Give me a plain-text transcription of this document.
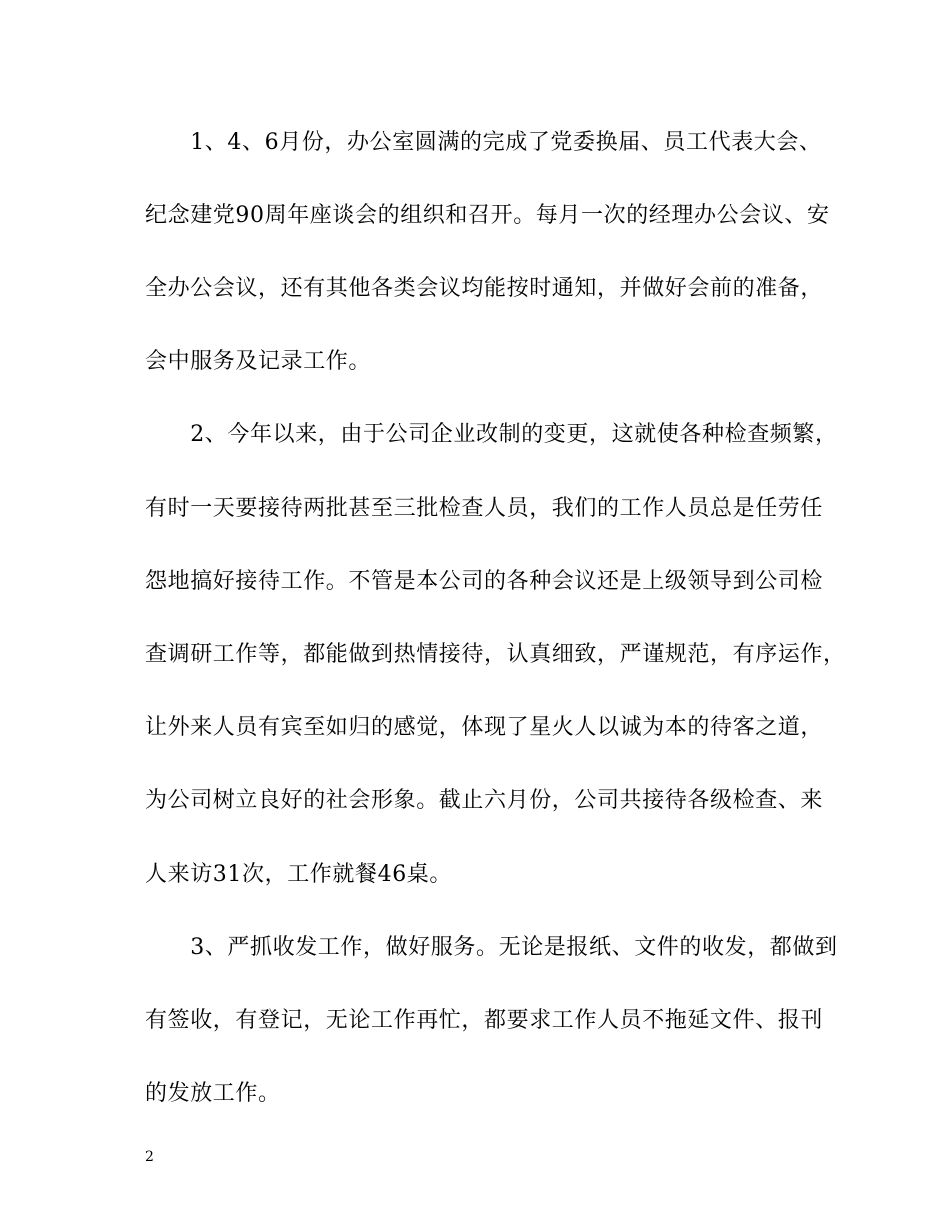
　　1、4、6月份，办公室圆满的完成了党委换届、员工代表大会、
纪念建党90周年座谈会的组织和召开。每月一次的经理办公会议、安
全办公会议，还有其他各类会议均能按时通知，并做好会前的准备，
会中服务及记录工作。
　　2、今年以来，由于公司企业改制的变更，这就使各种检查频繁，
有时一天要接待两批甚至三批检查人员，我们的工作人员总是任劳任
怨地搞好接待工作。不管是本公司的各种会议还是上级领导到公司检
查调研工作等，都能做到热情接待，认真细致，严谨规范，有序运作，
让外来人员有宾至如归的感觉，体现了星火人以诚为本的待客之道，
为公司树立良好的社会形象。截止六月份，公司共接待各级检查、来
人来访31次，工作就餐46桌。
　　3、严抓收发工作，做好服务。无论是报纸、文件的收发，都做到
有签收，有登记，无论工作再忙，都要求工作人员不拖延文件、报刊
的发放工作。
2
